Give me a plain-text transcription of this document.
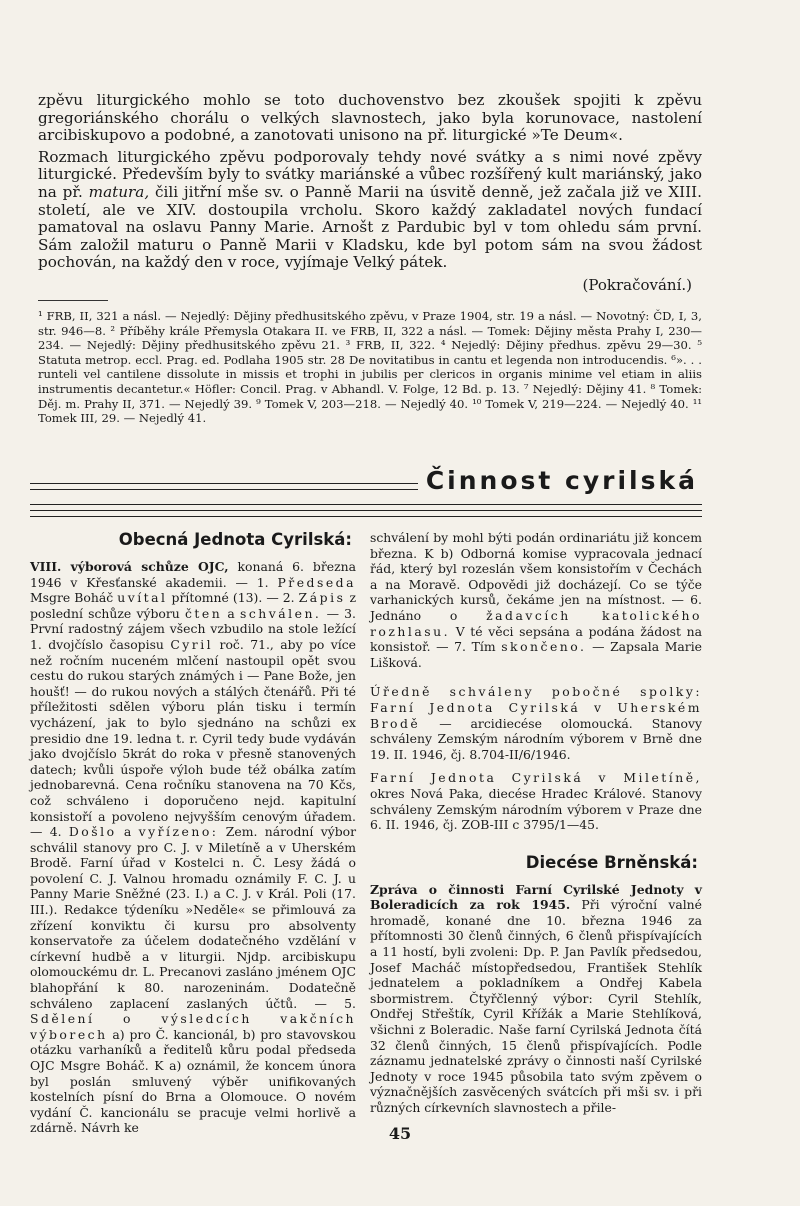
zpěvu liturgického mohlo se toto duchovenstvo bez zkoušek spojiti k zpěvu gregoriánského chorálu o velkých slavnostech, jako byla korunovace, nastolení arcibiskupovo a podobné, a zanotovati unisono na př. liturgické »Te Deum«.

Rozmach liturgického zpěvu podporovaly tehdy nové svátky a s nimi nové zpěvy liturgické. Především byly to svátky mariánské a vůbec rozšířený kult mariánský, jako na př. matura, čili jitřní mše sv. o Panně Marii na úsvitě denně, jež začala již ve XIII. století, ale ve XIV. dostoupila vrcholu. Skoro každý zakladatel nových fundací pamatoval na oslavu Panny Marie. Arnošt z Pardubic byl v tom ohledu sám první. Sám založil maturu o Panně Marii v Kladsku, kde byl potom sám na svou žádost pochován, na každý den v roce, vyjímaje Velký pátek.

(Pokračování.)

¹ FRB, II, 321 a násl. — Nejedlý: Dějiny předhusitského zpěvu, v Praze 1904, str. 19 a násl. — Novotný: ČD, I, 3, str. 946—8. ² Příběhy krále Přemysla Otakara II. ve FRB, II, 322 a násl. — Tomek: Dějiny města Prahy I, 230—234. — Nejedlý: Dějiny předhusitského zpěvu 21. ³ FRB, II, 322. ⁴ Nejedlý: Dějiny předhus. zpěvu 29—30. ⁵ Statuta metrop. eccl. Prag. ed. Podlaha 1905 str. 28 De novitatibus in cantu et legenda non introducendis. ⁶». . . runteli vel cantilene dissolute in missis et trophi in jubilis per clericos in organis minime vel etiam in aliis instrumentis decantetur.« Höfler: Concil. Prag. v Abhandl. V. Folge, 12 Bd. p. 13. ⁷ Nejedlý: Dějiny 41. ⁸ Tomek: Děj. m. Prahy II, 371. — Nejedlý 39. ⁹ Tomek V, 203—218. — Nejedlý 40. ¹⁰ Tomek V, 219—224. — Nejedlý 40. ¹¹ Tomek III, 29. — Nejedlý 41.

Činnost cyrilská
Obecná Jednota Cyrilská:

VIII. výborová schůze OJC, konaná 6. března 1946 v Křesťanské akademii. — 1. Předseda Msgre Boháč uvítal přítomné (13). — 2. Zápis z poslední schůze výboru čten a schválen. — 3. První radostný zájem všech vzbudilo na stole ležící 1. dvojčíslo časopisu Cyril roč. 71., aby po více než ročním nuceném mlčení nastoupil opět svou cestu do rukou starých známých i — Pane Bože, jen houšť! — do rukou nových a stálých čtenářů. Při té příležitosti sdělen výboru plán tisku i termín vycházení, jak to bylo sjednáno na schůzi ex presidio dne 19. ledna t. r. Cyril tedy bude vydáván jako dvojčíslo 5krát do roka v přesně stanovených datech; kvůli úspoře výloh bude též obálka zatím jednobarevná. Cena ročníku stanovena na 70 Kčs, což schváleno i doporučeno nejd. kapitulní konsistoří a povoleno nejvyšším cenovým úřadem. — 4. Došlo a vyřízeno: Zem. národní výbor schválil stanovy pro C. J. v Miletíně a v Uherském Brodě. Farní úřad v Kostelci n. Č. Lesy žádá o povolení C. J. Valnou hromadu oznámily F. C. J. u Panny Marie Sněžné (23. I.) a C. J. v Král. Poli (17. III.). Redakce týdeníku »Neděle« se přimlouvá za zřízení konviktu či kursu pro absolventy konservatoře za účelem dodatečného vzdělání v církevní hudbě a v liturgii. Njdp. arcibiskupu olomouckému dr. L. Precanovi zasláno jménem OJC blahopřání k 80. narozeninám. Dodatečně schváleno zaplacení zaslaných účtů. — 5. Sdělení o výsledcích vakčních výborech a) pro Č. kancionál, b) pro stavovskou otázku varhaníků a ředitelů kůru podal předseda OJC Msgre Boháč. K a) oznámil, že koncem února byl poslán smluvený výběr unifikovaných kostelních písní do Brna a Olomouce. O novém vydání Č. kancionálu se pracuje velmi horlivě a zdárně. Návrh ke

schválení by mohl býti podán ordinariátu již koncem března. K b) Odborná komise vypracovala jednací řád, který byl rozeslán všem konsistořím v Čechách a na Moravě. Odpovědi již docházejí. Co se týče varhanických kursů, čekáme jen na místnost. — 6. Jednáno o žadavcích katolického rozhlasu. V té věci sepsána a podána žádost na konsistoř. — 7. Tím skončeno. — Zapsala Marie Lišková.

Úředně schváleny pobočné spolky: Farní Jednota Cyrilská v Uherském Brodě — arcidiecése olomoucká. Stanovy schváleny Zemským národním výborem v Brně dne 19. II. 1946, čj. 8.704-II/6/1946.

Farní Jednota Cyrilská v Miletíně, okres Nová Paka, diecése Hradec Králové. Stanovy schváleny Zemským národním výborem v Praze dne 6. II. 1946, čj. ZOB-III c 3795/1—45.

Diecése Brněnská:

Zpráva o činnosti Farní Cyrilské Jednoty v Boleradicích za rok 1945. Při výroční valné hromadě, konané dne 10. března 1946 za přítomnosti 30 členů činných, 6 členů přispívajících a 11 hostí, byli zvoleni: Dp. P. Jan Pavlík předsedou, Josef Macháč místopředsedou, František Stehlík jednatelem a pokladníkem a Ondřej Kabela sbormistrem. Čtyřčlenný výbor: Cyril Stehlík, Ondřej Střeštík, Cyril Křížák a Marie Stehlíková, všichni z Boleradic. Naše farní Cyrilská Jednota čítá 32 členů činných, 15 členů přispívajících. Podle záznamu jednatelské zprávy o činnosti naší Cyrilské Jednoty v roce 1945 působila tato svým zpěvem o význačnějších zasvěcených svátcích při mši sv. i při různých církevních slavnostech a přile-

45
